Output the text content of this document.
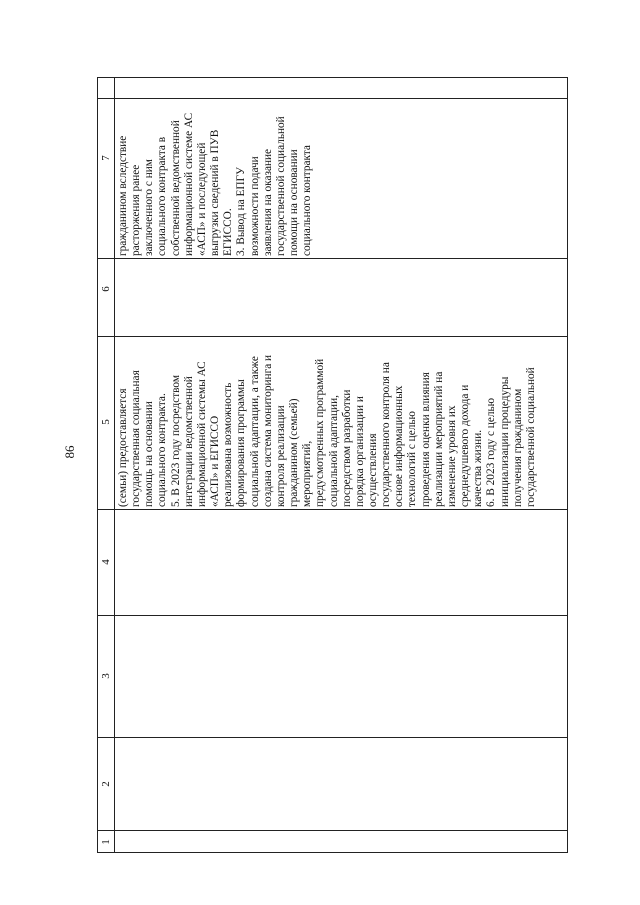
86
1
2
3
4
5
6
7
(семьи) предоставляется
государственная социальная
помощь на основании
социального контракта.
5. В 2023 году посредством
интеграции ведомственной
информационной системы АС
«АСП» и ЕГИССО
реализована возможность
формирования программы
социальной адаптации, а также
создана система мониторинга и
контроля реализации
гражданином (семьей)
мероприятий,
предусмотренных программой
социальной адаптации,
посредством разработки
порядка организации и
осуществления
государственного контроля на
основе информационных
технологий с целью
проведения оценки влияния
реализации мероприятий на
изменение уровня их
среднедушевого дохода и
качества жизни.
6. В 2023 году с целью
инициализации процедуры
получения гражданином
государственной социальной
гражданином вследствие
расторжения ранее
заключенного с ним
социального контракта в
собственной ведомственной
информационной системе АС
«АСП» и последующей
выгрузки сведений в ПУВ
ЕГИССО.
3. Вывод на ЕПГУ
возможности подачи
заявления на оказание
государственной социальной
помощи на основании
социального контракта
